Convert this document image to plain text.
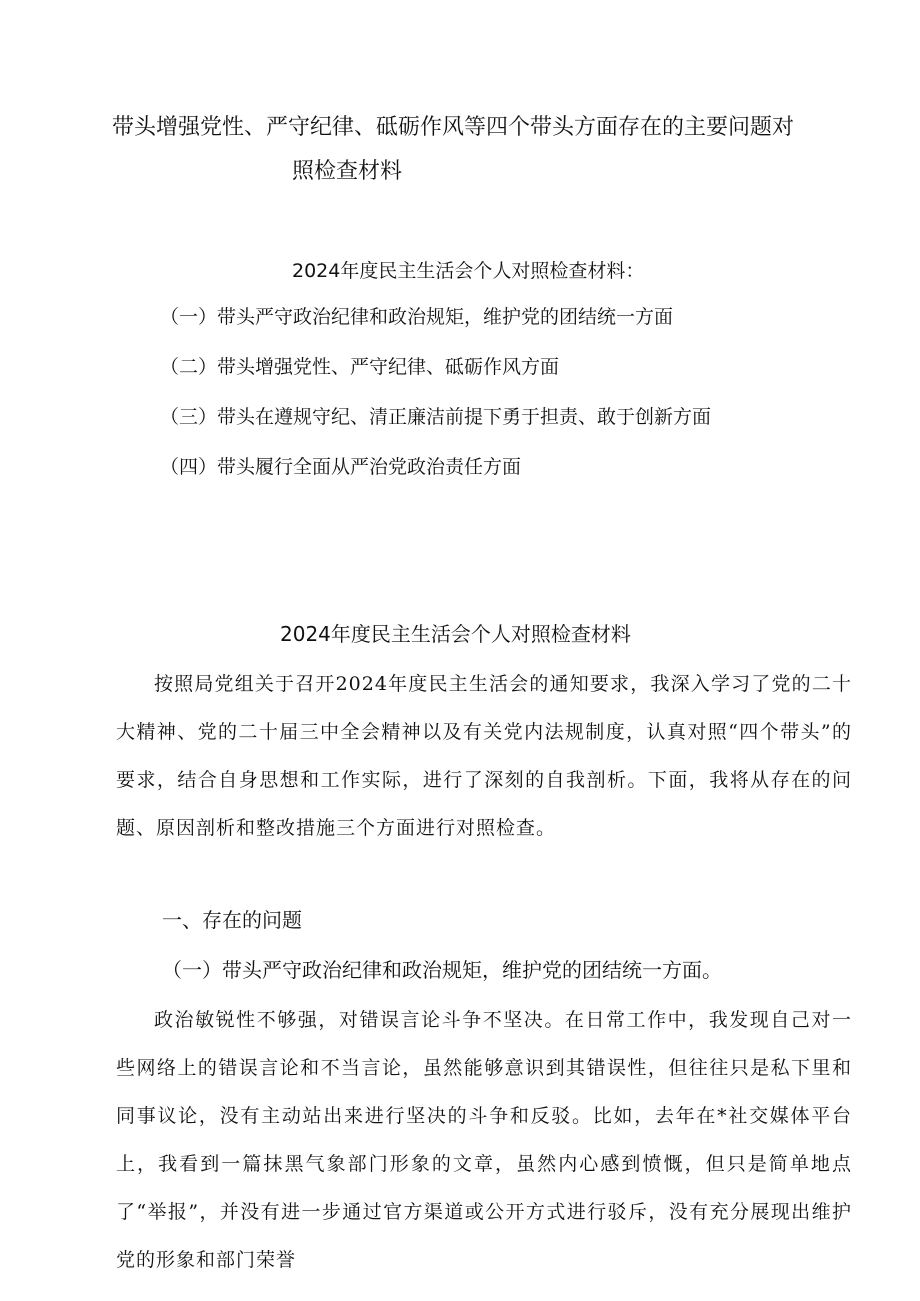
带头增强党性、严守纪律、砥砺作风等四个带头方面存在的主要问题对
照检查材料
2024年度民主生活会个人对照检查材料：
（一）带头严守政治纪律和政治规矩，维护党的团结统一方面
（二）带头增强党性、严守纪律、砥砺作风方面
（三）带头在遵规守纪、清正廉洁前提下勇于担责、敢于创新方面
（四）带头履行全面从严治党政治责任方面
2024年度民主生活会个人对照检查材料

按照局党组关于召开2024年度民主生活会的通知要求，我深入学习了党的二十大精神、党的二十届三中全会精神以及有关党内法规制度，认真对照“四个带头”的要求，结合自身思想和工作实际，进行了深刻的自我剖析。下面，我将从存在的问题、原因剖析和整改措施三个方面进行对照检查。

一、存在的问题
（一）带头严守政治纪律和政治规矩，维护党的团结统一方面。

政治敏锐性不够强，对错误言论斗争不坚决。在日常工作中，我发现自己对一些网络上的错误言论和不当言论，虽然能够意识到其错误性，但往往只是私下里和同事议论，没有主动站出来进行坚决的斗争和反驳。比如，去年在*社交媒体平台上，我看到一篇抹黑气象部门形象的文章，虽然内心感到愤慨，但只是简单地点了“举报”，并没有进一步通过官方渠道或公开方式进行驳斥，没有充分展现出维护党的形象和部门荣誉
